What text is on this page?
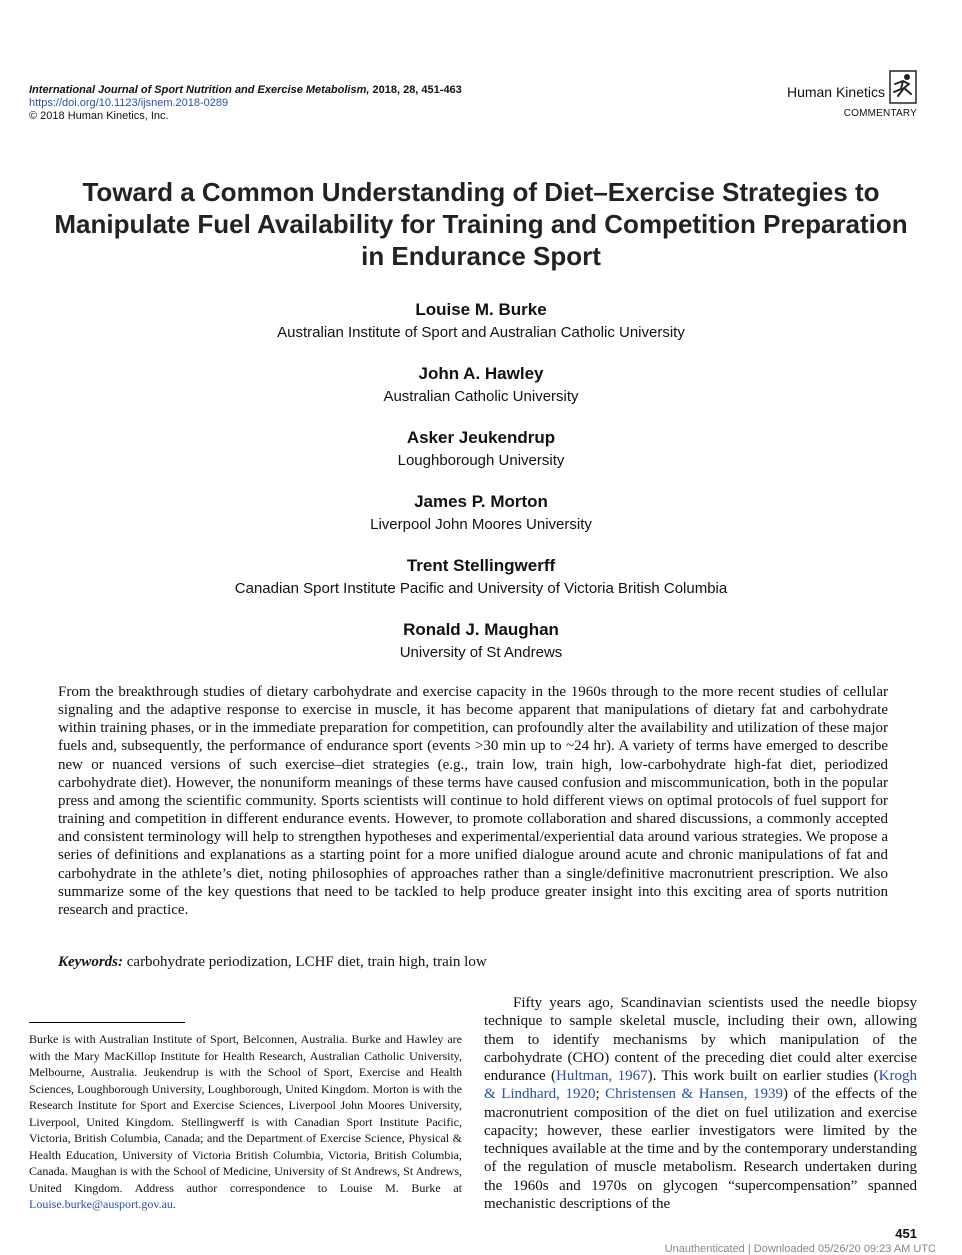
International Journal of Sport Nutrition and Exercise Metabolism, 2018, 28, 451-463
https://doi.org/10.1123/ijsnem.2018-0289
© 2018 Human Kinetics, Inc.
Human Kinetics
COMMENTARY
Toward a Common Understanding of Diet–Exercise Strategies to Manipulate Fuel Availability for Training and Competition Preparation in Endurance Sport
Louise M. Burke
Australian Institute of Sport and Australian Catholic University
John A. Hawley
Australian Catholic University
Asker Jeukendrup
Loughborough University
James P. Morton
Liverpool John Moores University
Trent Stellingwerff
Canadian Sport Institute Pacific and University of Victoria British Columbia
Ronald J. Maughan
University of St Andrews

From the breakthrough studies of dietary carbohydrate and exercise capacity in the 1960s through to the more recent studies of cellular signaling and the adaptive response to exercise in muscle, it has become apparent that manipulations of dietary fat and carbohydrate within training phases, or in the immediate preparation for competition, can profoundly alter the availability and utilization of these major fuels and, subsequently, the performance of endurance sport (events >30 min up to ~24 hr). A variety of terms have emerged to describe new or nuanced versions of such exercise–diet strategies (e.g., train low, train high, low-carbohydrate high-fat diet, periodized carbohydrate diet). However, the nonuniform meanings of these terms have caused confusion and miscommunication, both in the popular press and among the scientific community. Sports scientists will continue to hold different views on optimal protocols of fuel support for training and competition in different endurance events. However, to promote collaboration and shared discussions, a commonly accepted and consistent terminology will help to strengthen hypotheses and experimental/experiential data around various strategies. We propose a series of definitions and explanations as a starting point for a more unified dialogue around acute and chronic manipulations of fat and carbohydrate in the athlete’s diet, noting philosophies of approaches rather than a single/definitive macronutrient prescription. We also summarize some of the key questions that need to be tackled to help produce greater insight into this exciting area of sports nutrition research and practice.

Keywords: carbohydrate periodization, LCHF diet, train high, train low

Burke is with Australian Institute of Sport, Belconnen, Australia. Burke and Hawley are with the Mary MacKillop Institute for Health Research, Australian Catholic University, Melbourne, Australia. Jeukendrup is with the School of Sport, Exercise and Health Sciences, Loughborough University, Loughborough, United Kingdom. Morton is with the Research Institute for Sport and Exercise Sciences, Liverpool John Moores University, Liverpool, United Kingdom. Stellingwerff is with Canadian Sport Institute Pacific, Victoria, British Columbia, Canada; and the Department of Exercise Science, Physical & Health Education, University of Victoria British Columbia, Victoria, British Columbia, Canada. Maughan is with the School of Medicine, University of St Andrews, St Andrews, United Kingdom. Address author correspondence to Louise M. Burke at Louise.burke@ausport.gov.au.

Fifty years ago, Scandinavian scientists used the needle biopsy technique to sample skeletal muscle, including their own, allowing them to identify mechanisms by which manipulation of the carbohydrate (CHO) content of the preceding diet could alter exercise endurance (Hultman, 1967). This work built on earlier studies (Krogh & Lindhard, 1920; Christensen & Hansen, 1939) of the effects of the macronutrient composition of the diet on fuel utilization and exercise capacity; however, these earlier investigators were limited by the techniques available at the time and by the contemporary understanding of the regulation of muscle metabolism. Research undertaken during the 1960s and 1970s on glycogen “supercompensation” spanned mechanistic descriptions of the

451
Unauthenticated | Downloaded 05/26/20 09:23 AM UTC
